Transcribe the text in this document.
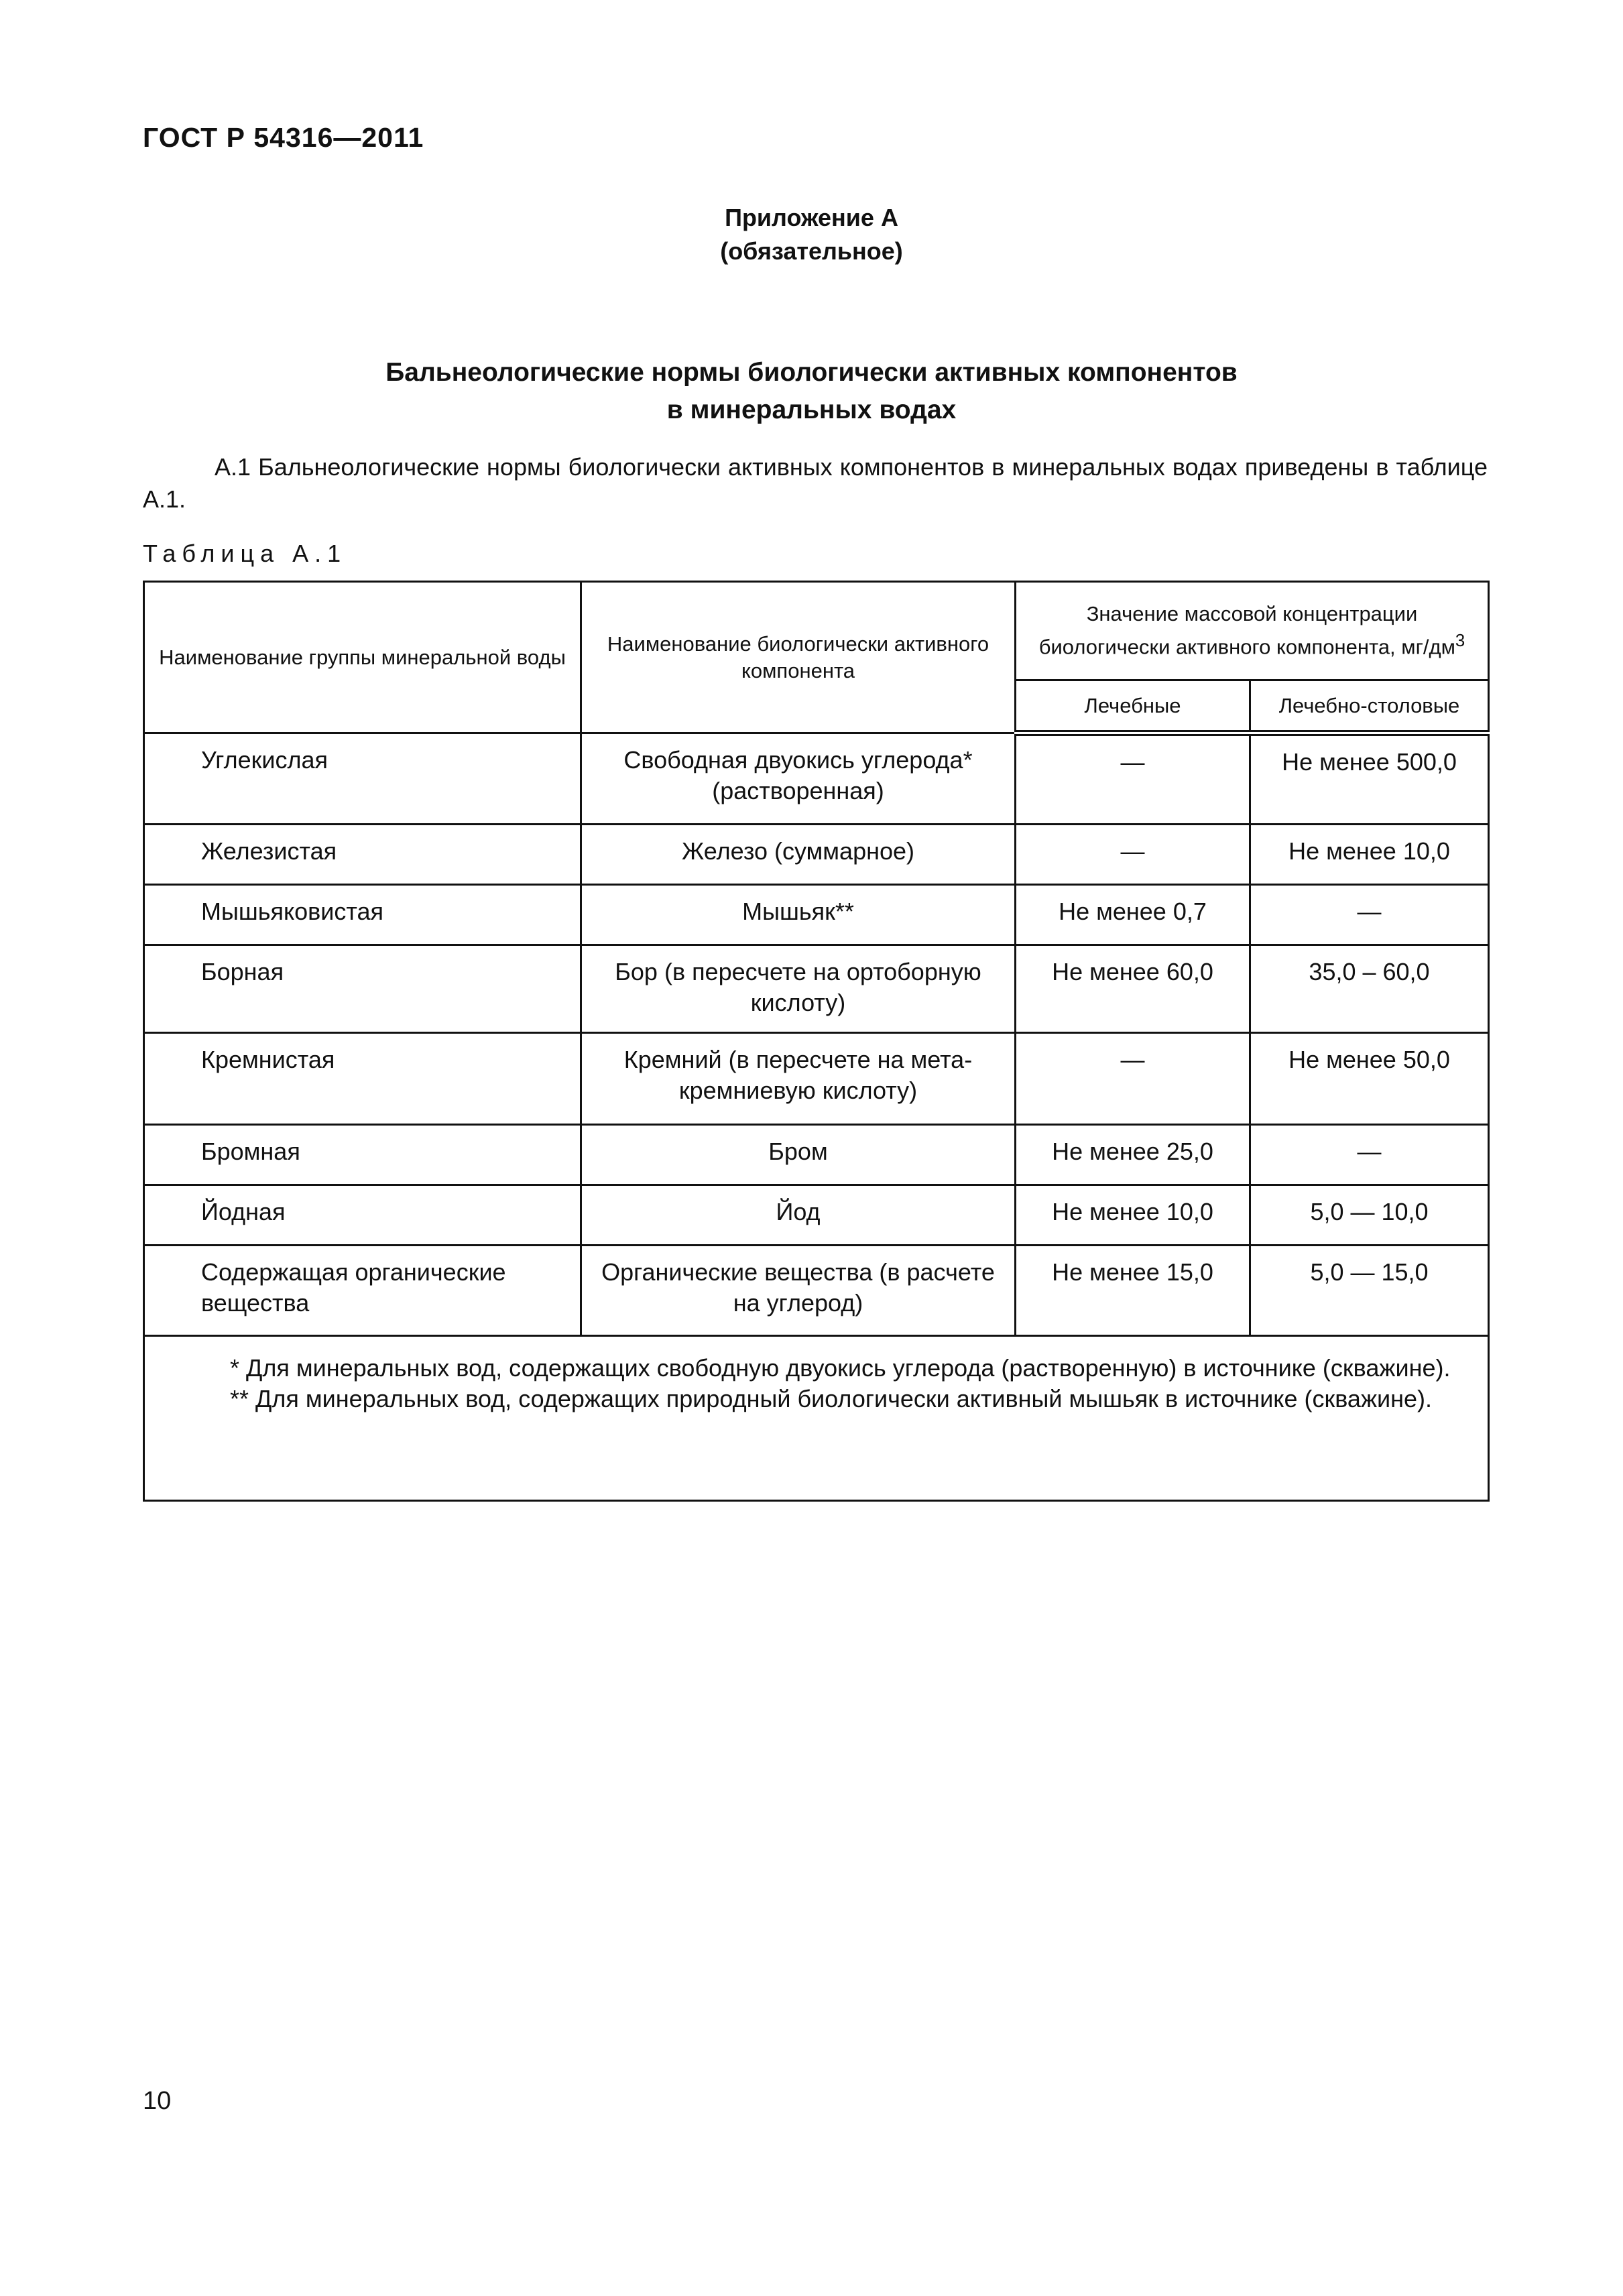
ГОСТ Р 54316—2011
Приложение А
(обязательное)
Бальнеологические нормы биологически активных компонентов
в минеральных водах
А.1 Бальнеологические нормы биологически активных компонентов в минеральных водах приведены в таблице А.1.
Таблица А.1
Наименование группы минеральной воды	Наименование биологически активного компонента	Значение массовой концентрации биологически активного компонента, $мг/дм^3$
		Лечебные	Лечебно-столовые
Углекислая	Свободная двуокись углерода* (растворенная)	—	Не менее 500,0
Железистая	Железо (суммарное)	—	Не менее 10,0
Мышьяковистая	Мышьяк**	Не менее 0,7	—
Борная	Бор (в пересчете на ортоборную кислоту)	Не менее 60,0	35,0 – 60,0
Кремнистая	Кремний (в пересчете на мета-кремниевую кислоту)	—	Не менее 50,0
Бромная	Бром	Не менее 25,0	—
Йодная	Йод	Не менее 10,0	5,0 — 10,0
Содержащая органические вещества	Органические вещества (в расчете на углерод)	Не менее 15,0	5,0 — 15,0

* Для минеральных вод, содержащих свободную двуокись углерода (растворенную) в источнике (скважине).

** Для минеральных вод, содержащих природный биологически активный мышьяк в источнике (скважине).			

10
